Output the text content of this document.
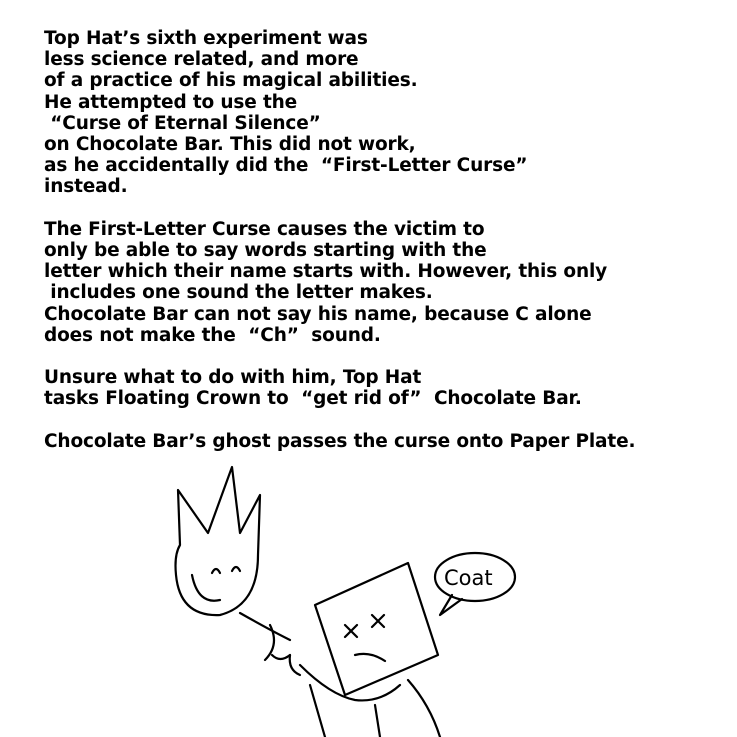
Top Hat’s sixth experiment was
less science related, and more
of a practice of his magical abilities.
He attempted to use the
“Curse of Eternal Silence”
on Chocolate Bar. This did not work,
as he accidentally did the  “First-Letter Curse”
instead.
The First-Letter Curse causes the victim to
only be able to say words starting with the
letter which their name starts with. However, this only
includes one sound the letter makes.
Chocolate Bar can not say his name, because C alone
does not make the  “Ch”  sound.
Unsure what to do with him, Top Hat
tasks Floating Crown to  “get rid of”  Chocolate Bar.
Chocolate Bar’s ghost passes the curse onto Paper Plate.
Coat
